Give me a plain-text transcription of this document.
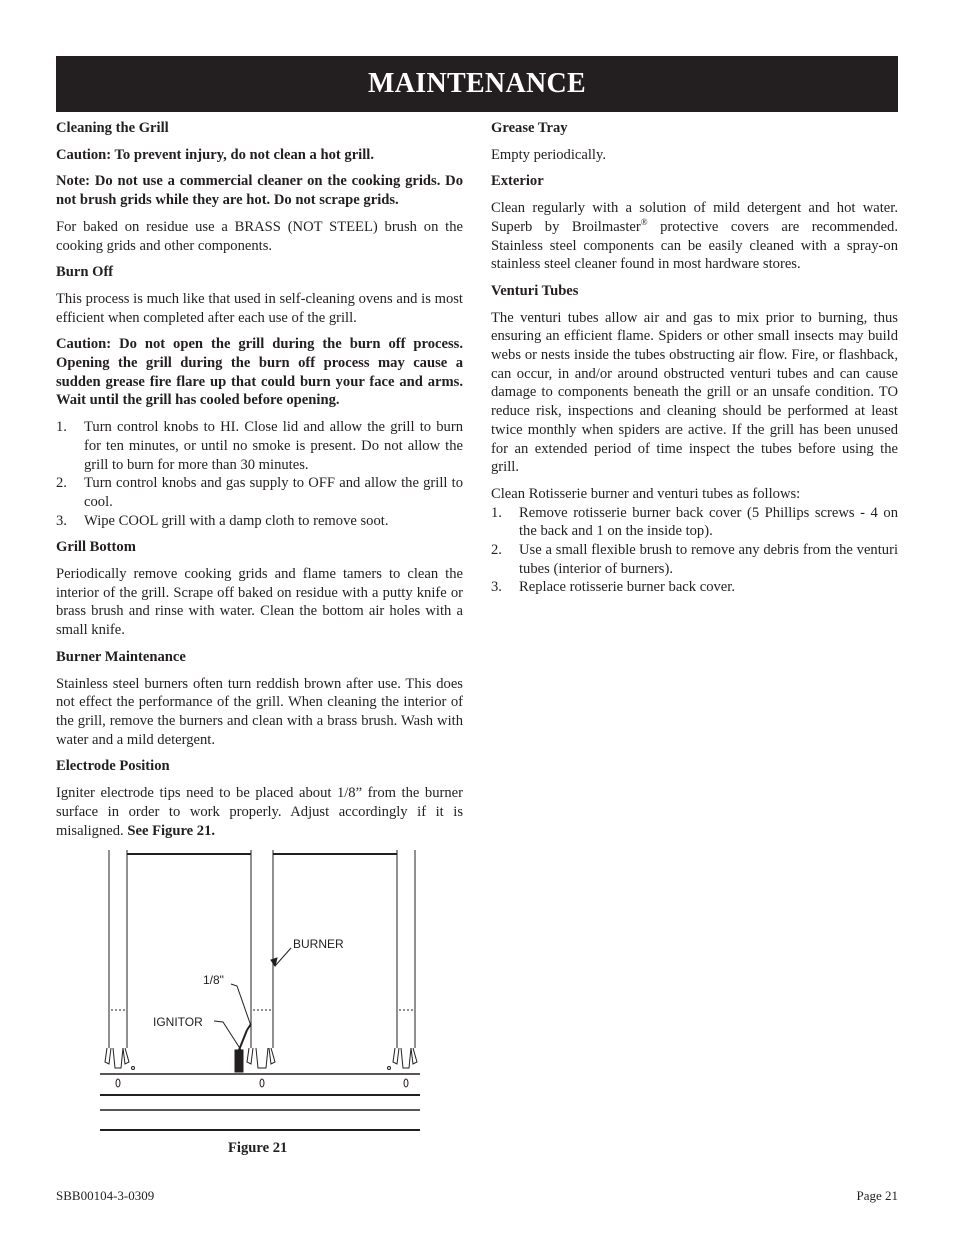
MAINTENANCE

Cleaning the Grill

Caution: To prevent injury, do not clean a hot grill.

Note: Do not use a commercial cleaner on the cooking grids. Do not brush grids while they are hot. Do not scrape grids.

For baked on residue use a BRASS (NOT STEEL) brush on the cooking grids and other components.

Burn Off

This process is much like that used in self-cleaning ovens and is most efficient when completed after each use of the grill.

Caution: Do not open the grill during the burn off process. Opening the grill during the burn off process may cause a sudden grease fire flare up that could burn your face and arms. Wait until the grill has cooled before opening.

1. Turn control knobs to HI. Close lid and allow the grill to burn for ten minutes, or until no smoke is present. Do not allow the grill to burn for more than 30 minutes.
2. Turn control knobs and gas supply to OFF and allow the grill to cool.
3. Wipe COOL grill with a damp cloth to remove soot.

Grill Bottom

Periodically remove cooking grids and flame tamers to clean the interior of the grill. Scrape off baked on residue with a putty knife or brass brush and rinse with water. Clean the bottom air holes with a small knife.

Burner Maintenance

Stainless steel burners often turn reddish brown after use. This does not effect the performance of the grill. When cleaning the interior of the grill, remove the burners and clean with a brass brush. Wash with water and a mild detergent.

Electrode Position

Igniter electrode tips need to be placed about 1/8” from the burner surface in order to work properly. Adjust accordingly if it is misaligned. See Figure 21.

BURNER
1/8"
IGNITOR
Figure 21

Grease Tray

Empty periodically.

Exterior

Clean regularly with a solution of mild detergent and hot water. Superb by Broilmaster® protective covers are recommended. Stainless steel components can be easily cleaned with a spray-on stainless steel cleaner found in most hardware stores.

Venturi Tubes

The venturi tubes allow air and gas to mix prior to burning, thus ensuring an efficient flame. Spiders or other small insects may build webs or nests inside the tubes obstructing air flow. Fire, or flashback, can occur, in and/or around obstructed venturi tubes and can cause damage to components beneath the grill or an unsafe condition. TO reduce risk, inspections and cleaning should be performed at least twice monthly when spiders are active. If the grill has been unused for an extended period of time inspect the tubes before using the grill.

Clean Rotisserie burner and venturi tubes as follows:

1. Remove rotisserie burner back cover (5 Phillips screws - 4 on the back and 1 on the inside top).
2. Use a small flexible brush to remove any debris from the venturi tubes (interior of burners).
3. Replace rotisserie burner back cover.
SBB00104-3-0309	Page 21
